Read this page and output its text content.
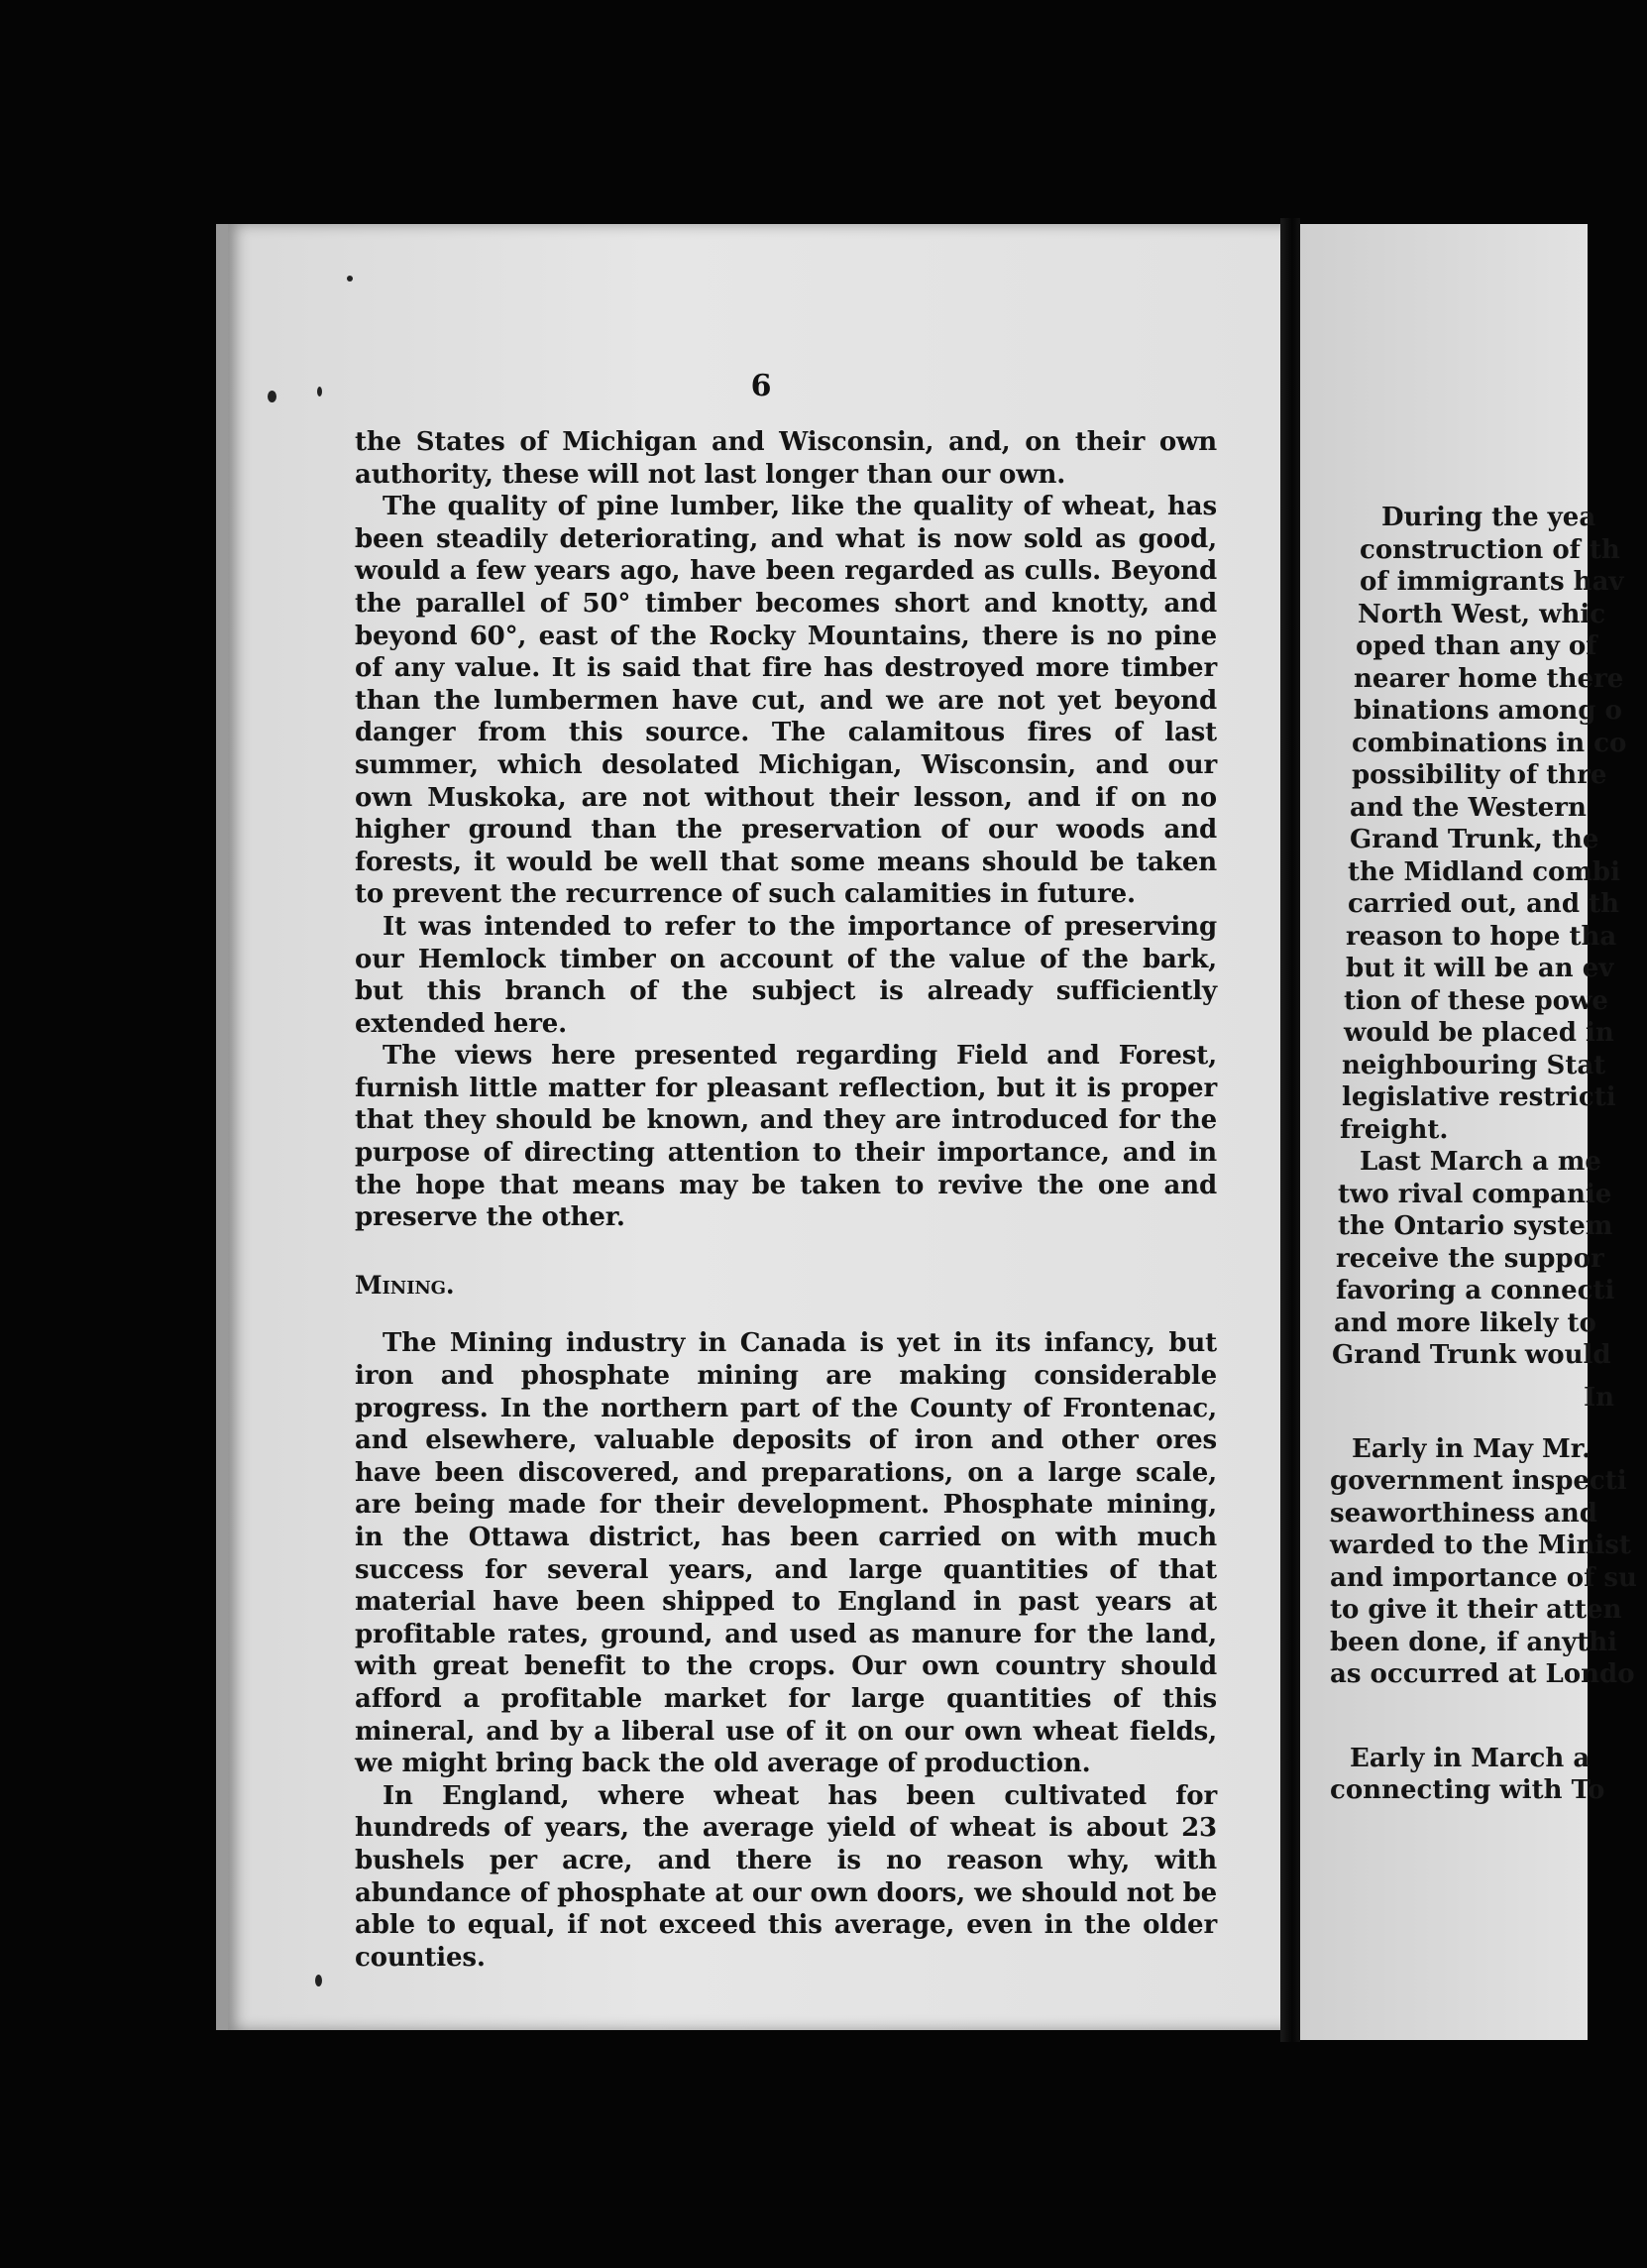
6

the States of Michigan and Wisconsin, and, on their own authority, these will not last longer than our own.

The quality of pine lumber, like the quality of wheat, has been steadily deteriorating, and what is now sold as good, would a few years ago, have been regarded as culls. Beyond the parallel of 50° timber becomes short and knotty, and beyond 60°, east of the Rocky Mountains, there is no pine of any value. It is said that fire has destroyed more timber than the lumbermen have cut, and we are not yet beyond danger from this source. The calamitous fires of last summer, which desolated Michigan, Wisconsin, and our own Muskoka, are not without their lesson, and if on no higher ground than the preservation of our woods and forests, it would be well that some means should be taken to prevent the recurrence of such calamities in future.

It was intended to refer to the importance of preserving our Hemlock timber on account of the value of the bark, but this branch of the subject is already sufficiently extended here.

The views here presented regarding Field and Forest, furnish little matter for pleasant reflection, but it is proper that they should be known, and they are introduced for the purpose of directing attention to their importance, and in the hope that means may be taken to revive the one and preserve the other.

Mining.

The Mining industry in Canada is yet in its infancy, but iron and phosphate mining are making considerable progress. In the northern part of the County of Frontenac, and elsewhere, valuable deposits of iron and other ores have been discovered, and preparations, on a large scale, are being made for their development. Phosphate mining, in the Ottawa district, has been carried on with much success for several years, and large quantities of that material have been shipped to England in past years at profitable rates, ground, and used as manure for the land, with great benefit to the crops. Our own country should afford a profitable market for large quantities of this mineral, and by a liberal use of it on our own wheat fields, we might bring back the old average of production.

In England, where wheat has been cultivated for hundreds of years, the average yield of wheat is about 23 bushels per acre, and there is no reason why, with abundance of phosphate at our own doors, we should not be able to equal, if not exceed this average, even in the older counties.

During the yea
construction of th
of immigrants hav
North West, whic
oped than any of
nearer home there
binations among o
combinations in co
possibility of thre
and the Western
Grand Trunk, the
the Midland combi
carried out, and th
reason to hope tha
but it will be an ev
tion of these powe
would be placed in
neighbouring Stat
legislative restricti
freight.
Last March a me
two rival companie
the Ontario system
receive the suppor
favoring a connecti
and more likely to
Grand Trunk would
In
Early in May Mr.
government inspecti
seaworthiness and
warded to the Minist
and importance of su
to give it their atten
been done, if anythi
as occurred at Londo
Early in March a
connecting with To
